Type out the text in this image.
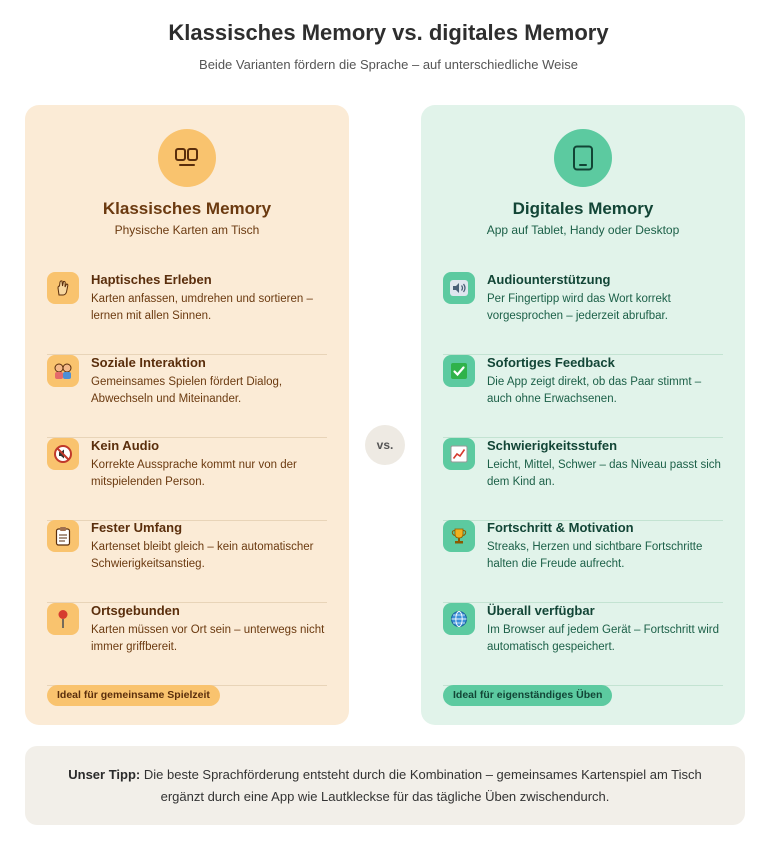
Klassisches Memory vs. digitales Memory
Beide Varianten fördern die Sprache – auf unterschiedliche Weise
Klassisches Memory
Physische Karten am Tisch
Haptisches Erleben
Karten anfassen, umdrehen und sortieren – lernen mit allen Sinnen.
Soziale Interaktion
Gemeinsames Spielen fördert Dialog, Abwechseln und Miteinander.
Kein Audio
Korrekte Aussprache kommt nur von der mitspielenden Person.
Fester Umfang
Kartenset bleibt gleich – kein automatischer Schwierigkeitsanstieg.
Ortsgebunden
Karten müssen vor Ort sein – unterwegs nicht immer griffbereit.
Ideal für gemeinsame Spielzeit
vs.
Digitales Memory
App auf Tablet, Handy oder Desktop
Audiounterstützung
Per Fingertipp wird das Wort korrekt vorgesprochen – jederzeit abrufbar.
Sofortiges Feedback
Die App zeigt direkt, ob das Paar stimmt – auch ohne Erwachsenen.
Schwierigkeitsstufen
Leicht, Mittel, Schwer – das Niveau passt sich dem Kind an.
Fortschritt & Motivation
Streaks, Herzen und sichtbare Fortschritte halten die Freude aufrecht.
Überall verfügbar
Im Browser auf jedem Gerät – Fortschritt wird automatisch gespeichert.
Ideal für eigenständiges Üben
Unser Tipp: Die beste Sprachförderung entsteht durch die Kombination – gemeinsames Kartenspiel am Tisch ergänzt durch eine App wie Lautkleckse für das tägliche Üben zwischendurch.
